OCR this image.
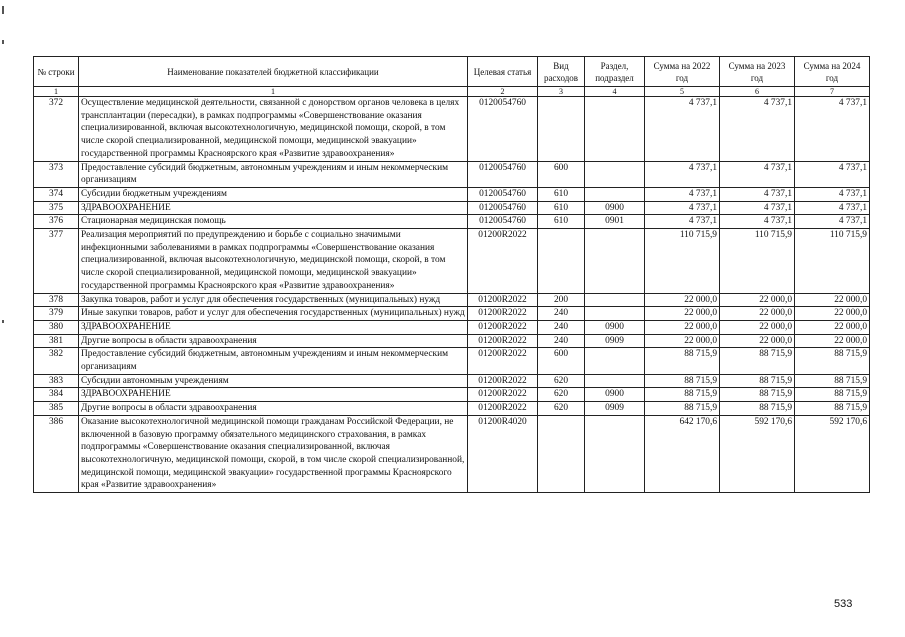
№ строки	Наименование показателей бюджетной классификации	Целевая статья	Вид расходов	Раздел, подраздел	Сумма на 2022 год	Сумма на 2023 год	Сумма на 2024 год
1	1	2	3	4	5	6	7
372	Осуществление медицинской деятельности, связанной с донорством органов человека в целях трансплантации (пересадки), в рамках подпрограммы «Совершенствование оказания специализированной, включая высокотехнологичную, медицинской помощи, скорой, в том числе скорой специализированной, медицинской помощи, медицинской эвакуации» государственной программы Красноярского края «Развитие здравоохранения»	0120054760			4 737,1	4 737,1	4 737,1
373	Предоставление субсидий бюджетным, автономным учреждениям и иным некоммерческим организациям	0120054760	600		4 737,1	4 737,1	4 737,1
374	Субсидии бюджетным учреждениям	0120054760	610		4 737,1	4 737,1	4 737,1
375	ЗДРАВООХРАНЕНИЕ	0120054760	610	0900	4 737,1	4 737,1	4 737,1
376	Стационарная медицинская помощь	0120054760	610	0901	4 737,1	4 737,1	4 737,1
377	Реализация мероприятий по предупреждению и борьбе с социально значимыми инфекционными заболеваниями в рамках подпрограммы «Совершенствование оказания специализированной, включая высокотехнологичную, медицинской помощи, скорой, в том числе скорой специализированной, медицинской помощи, медицинской эвакуации» государственной программы Красноярского края «Развитие здравоохранения»	01200R2022			110 715,9	110 715,9	110 715,9
378	Закупка товаров, работ и услуг для обеспечения государственных (муниципальных) нужд	01200R2022	200		22 000,0	22 000,0	22 000,0
379	Иные закупки товаров, работ и услуг для обеспечения государственных (муниципальных) нужд	01200R2022	240		22 000,0	22 000,0	22 000,0
380	ЗДРАВООХРАНЕНИЕ	01200R2022	240	0900	22 000,0	22 000,0	22 000,0
381	Другие вопросы в области здравоохранения	01200R2022	240	0909	22 000,0	22 000,0	22 000,0
382	Предоставление субсидий бюджетным, автономным учреждениям и иным некоммерческим организациям	01200R2022	600		88 715,9	88 715,9	88 715,9
383	Субсидии автономным учреждениям	01200R2022	620		88 715,9	88 715,9	88 715,9
384	ЗДРАВООХРАНЕНИЕ	01200R2022	620	0900	88 715,9	88 715,9	88 715,9
385	Другие вопросы в области здравоохранения	01200R2022	620	0909	88 715,9	88 715,9	88 715,9
386	Оказание высокотехнологичной медицинской помощи гражданам Российской Федерации, не включенной в базовую программу обязательного медицинского страхования, в рамках подпрограммы «Совершенствование оказания специализированной, включая высокотехнологичную, медицинской помощи, скорой, в том числе скорой специализированной, медицинской помощи, медицинской эвакуации» государственной программы Красноярского края «Развитие здравоохранения»	01200R4020			642 170,6	592 170,6	592 170,6
533
